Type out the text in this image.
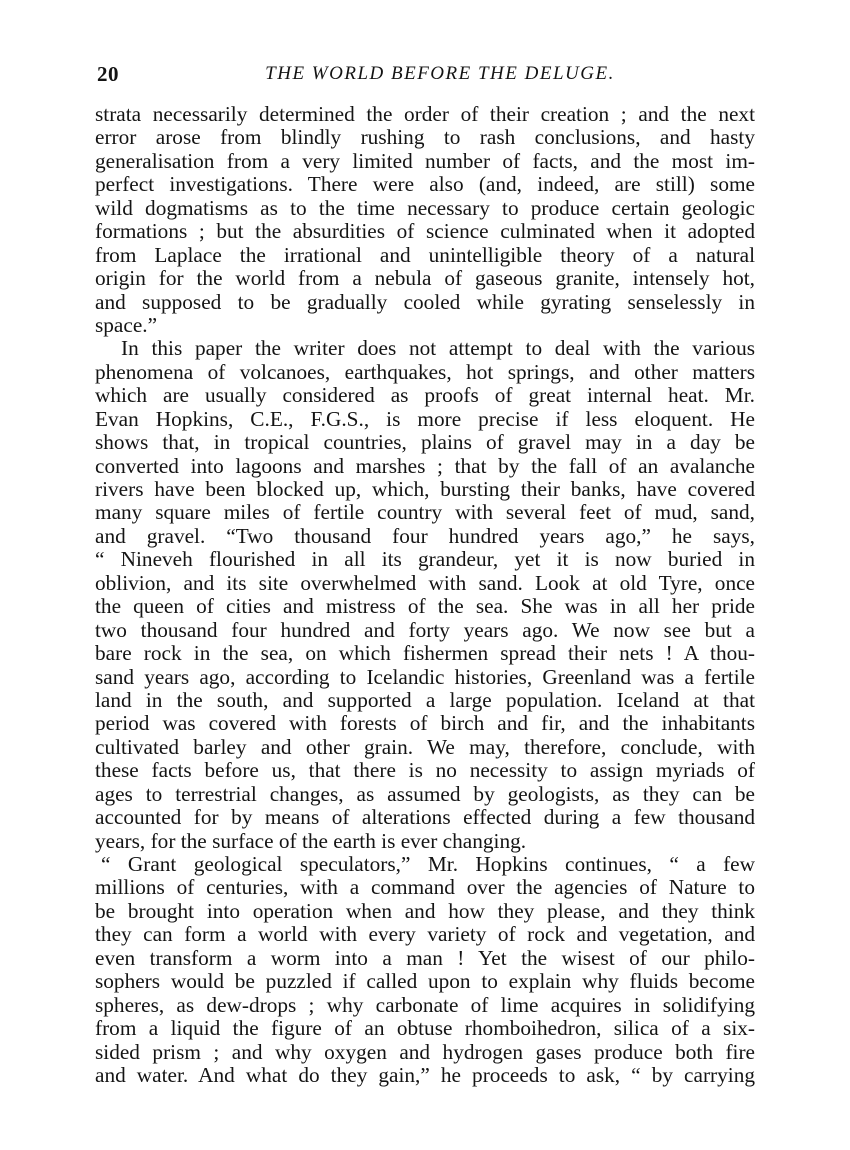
20	THE WORLD BEFORE THE DELUGE.
strata necessarily determined the order of their creation ; and the next
error arose from blindly rushing to rash conclusions, and hasty
generalisation from a very limited number of facts, and the most im-
perfect investigations. There were also (and, indeed, are still) some
wild dogmatisms as to the time necessary to produce certain geologic
formations ; but the absurdities of science culminated when it adopted
from Laplace the irrational and unintelligible theory of a natural
origin for the world from a nebula of gaseous granite, intensely hot,
and supposed to be gradually cooled while gyrating senselessly in
space.”
In this paper the writer does not attempt to deal with the various
phenomena of volcanoes, earthquakes, hot springs, and other matters
which are usually considered as proofs of great internal heat. Mr.
Evan Hopkins, C.E., F.G.S., is more precise if less eloquent. He
shows that, in tropical countries, plains of gravel may in a day be
converted into lagoons and marshes ; that by the fall of an avalanche
rivers have been blocked up, which, bursting their banks, have covered
many square miles of fertile country with several feet of mud, sand,
and gravel. “Two thousand four hundred years ago,” he says,
“ Nineveh flourished in all its grandeur, yet it is now buried in
oblivion, and its site overwhelmed with sand. Look at old Tyre, once
the queen of cities and mistress of the sea. She was in all her pride
two thousand four hundred and forty years ago. We now see but a
bare rock in the sea, on which fishermen spread their nets ! A thou-
sand years ago, according to Icelandic histories, Greenland was a fertile
land in the south, and supported a large population. Iceland at that
period was covered with forests of birch and fir, and the inhabitants
cultivated barley and other grain. We may, therefore, conclude, with
these facts before us, that there is no necessity to assign myriads of
ages to terrestrial changes, as assumed by geologists, as they can be
accounted for by means of alterations effected during a few thousand
years, for the surface of the earth is ever changing.
“ Grant geological speculators,” Mr. Hopkins continues, “ a few
millions of centuries, with a command over the agencies of Nature to
be brought into operation when and how they please, and they think
they can form a world with every variety of rock and vegetation, and
even transform a worm into a man ! Yet the wisest of our philo-
sophers would be puzzled if called upon to explain why fluids become
spheres, as dew-drops ; why carbonate of lime acquires in solidifying
from a liquid the figure of an obtuse rhomboihedron, silica of a six-
sided prism ; and why oxygen and hydrogen gases produce both fire
and water. And what do they gain,” he proceeds to ask, “ by carrying
